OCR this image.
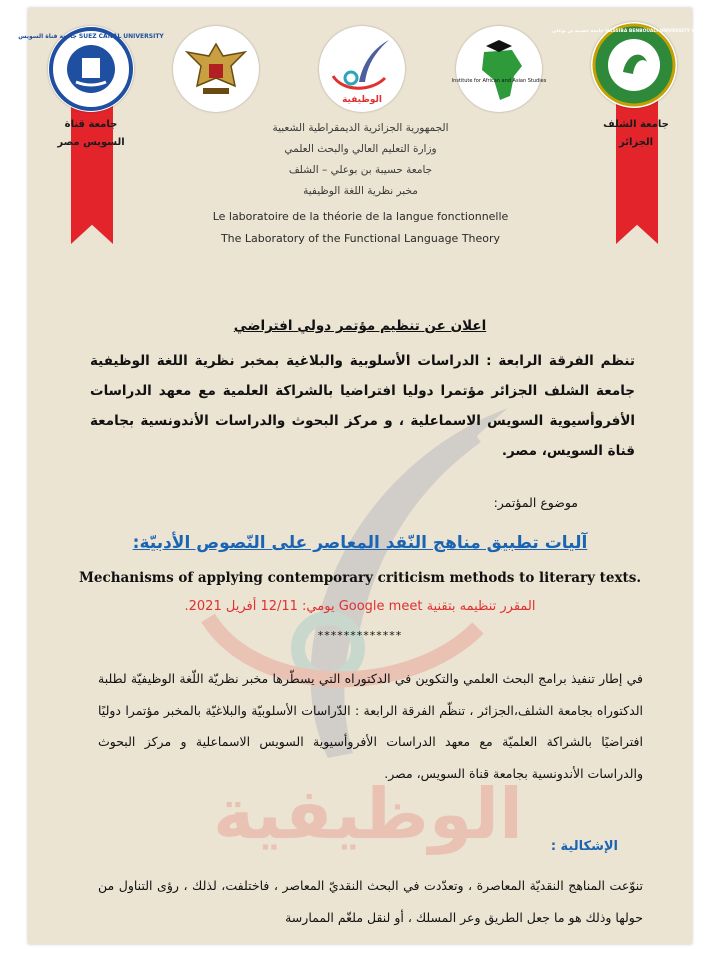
الوظيفية
جامعة قناة السويس مصر
جامعة الشلف الجزائر
جامعة قناة السويس SUEZ CANAL UNIVERSITY
الوظيفية
Institute for African and Asian Studies
جامعة حسيبة بن بوعلي HASSIBA BENBOUALI UNIVERSITY OF CHLEF
الجمهورية الجزائرية الديمقراطية الشعبية
وزارة التعليم العالي والبحث العلمي
جامعة حسيبة بن بوعلي – الشلف
مخبر نظرية اللغة الوظيفية
Le laboratoire de la théorie de la langue fonctionnelle
The Laboratory of the Functional Language Theory
اعلان عن تنظيم مؤتمر دولي افتراضي
تنظم الفرقة الرابعة : الدراسات الأسلوبية والبلاغية بمخبر نظرية اللغة الوظيفية جامعة الشلف الجزائر مؤتمرا دوليا افتراضيا بالشراكة العلمية مع معهد الدراسات الأفروأسيوية السويس الاسماعلية ، و مركز البحوث والدراسات الأندونسية بجامعة قناة السويس، مصر.
موضوع المؤتمر:
آليات تطبيق مناهج النّقد المعاصر على النّصوص الأدبيّة:
Mechanisms of applying contemporary criticism methods to literary texts.
المقرر تنظيمه بتقنية Google meet يومي: 12/11 أفريل 2021.
*************
في إطار تنفيذ برامج البحث العلمي والتكوين في الدكتوراه التي يسطّرها مخبر نظريّة اللّغة الوظيفيّة لطلبة الدكتوراه بجامعة الشلف،الجزائر ، تنظّم الفرقة الرابعة : الدّراسات الأسلوبيّة والبلاغيّة بالمخبر مؤتمرا دوليًا افتراضيًا بالشراكة العلميّة مع معهد الدراسات الأفروأسيوية السويس الاسماعلية و مركز البحوث والدراسات الأندونسية بجامعة قناة السويس، مصر.
الإشكالية :
تنوّعت المناهج النقديّة المعاصرة ، وتعدّدت في البحث النقديّ المعاصر ، فاختلفت، لذلك ، رؤى التناول من حولها وذلك هو ما جعل الطريق وعر المسلك ، أو لنقل ملغّم الممارسة
